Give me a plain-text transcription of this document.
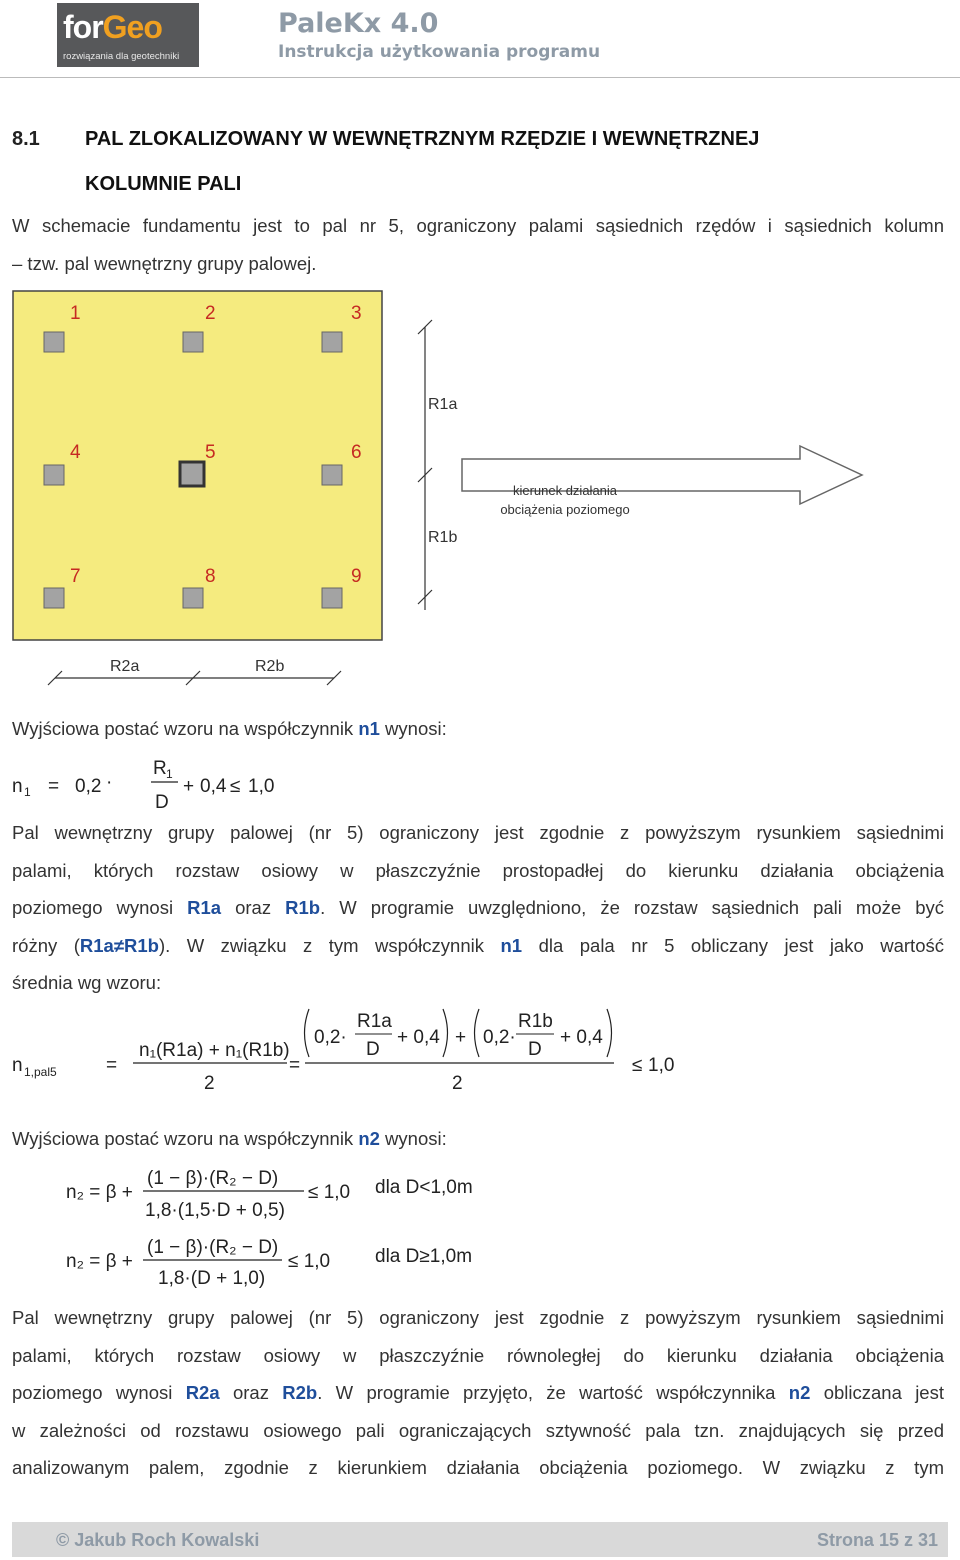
forGeo
rozwiązania dla geotechniki
PaleKx 4.0
Instrukcja użytkowania programu
8.1 PAL ZLOKALIZOWANY W WEWNĘTRZNYM RZĘDZIE I WEWNĘTRZNEJ
KOLUMNIE PALI
W schemacie fundamentu jest to pal nr 5, ograniczony palami sąsiednich rzędów i sąsiednich kolumn
– tzw. pal wewnętrzny grupy palowej.
1	2	3
4	5	6
7	8	9
R1a
R1b
R2a	R2b
kierunek działania
obciążenia poziomego
Wyjściowa postać wzoru na współczynnik n1 wynosi:
n 1 = 0,2 ·
R 1
D
+ 0,4 ≤ 1,0
Pal wewnętrzny grupy palowej (nr 5) ograniczony jest zgodnie z powyższym rysunkiem sąsiednimi
palami, których rozstaw osiowy w płaszczyźnie prostopadłej do kierunku działania obciążenia
poziomego wynosi R1a oraz R1b. W programie uwzględniono, że rozstaw sąsiednich pali może być
różny (R1a≠R1b). W związku z tym współczynnik n1 dla pala nr 5 obliczany jest jako wartość
średnia wg wzoru:
n 1,pal5	=
n₁(R1a) + n₁(R1b)
2
=
0,2·
R1a
D
+ 0,4 + 0,2·
R1b
D
+ 0,4
2
≤ 1,0
Wyjściowa postać wzoru na współczynnik n2 wynosi:
n₂ = β +
(1 − β)·(R₂ − D)
1,8·(1,5·D + 0,5)
≤ 1,0 dla D<1,0m
n₂ = β +
(1 − β)·(R₂ − D)
1,8·(D + 1,0)
≤ 1,0 dla D≥1,0m
Pal wewnętrzny grupy palowej (nr 5) ograniczony jest zgodnie z powyższym rysunkiem sąsiednimi
palami, których rozstaw osiowy w płaszczyźnie równoległej do kierunku działania obciążenia
poziomego wynosi R2a oraz R2b. W programie przyjęto, że wartość współczynnika n2 obliczana jest
w zależności od rozstawu osiowego pali ograniczających sztywność pala tzn. znajdujących się przed
analizowanym palem, zgodnie z kierunkiem działania obciążenia poziomego. W związku z tym
© Jakub Roch Kowalski	Strona 15 z 31
